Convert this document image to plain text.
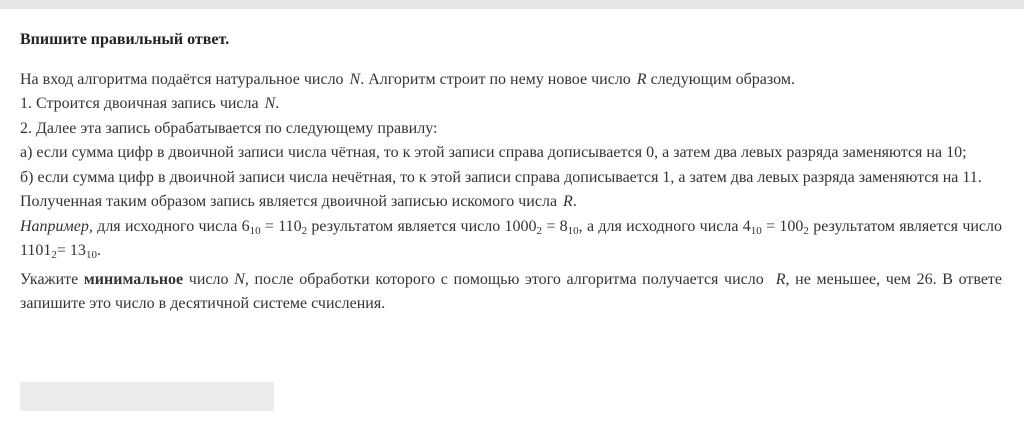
Впишите правильный ответ.

На вход алгоритма подаётся натуральное число N. Алгоритм строит по нему новое число R следующим образом.

1. Строится двоичная запись числа N.

2. Далее эта запись обрабатывается по следующему правилу:

а) если сумма цифр в двоичной записи числа чётная, то к этой записи справа дописывается 0, а затем два левых разряда заменяются на 10;

б) если сумма цифр в двоичной записи числа нечётная, то к этой записи справа дописывается 1, а затем два левых разряда заменяются на 11.

Полученная таким образом запись является двоичной записью искомого числа R.

Например, для исходного числа $6_{10} = 110_2$ результатом является число $1000_2 = 8_{10}$, а для исходного числа $4_{10} = 100_2$ результатом является число $1101_2= 13_{10}$.

Укажите минимальное число N, после обработки которого с помощью этого алгоритма получается число R, не меньшее, чем 26. В ответе запишите это число в десятичной системе счисления.
